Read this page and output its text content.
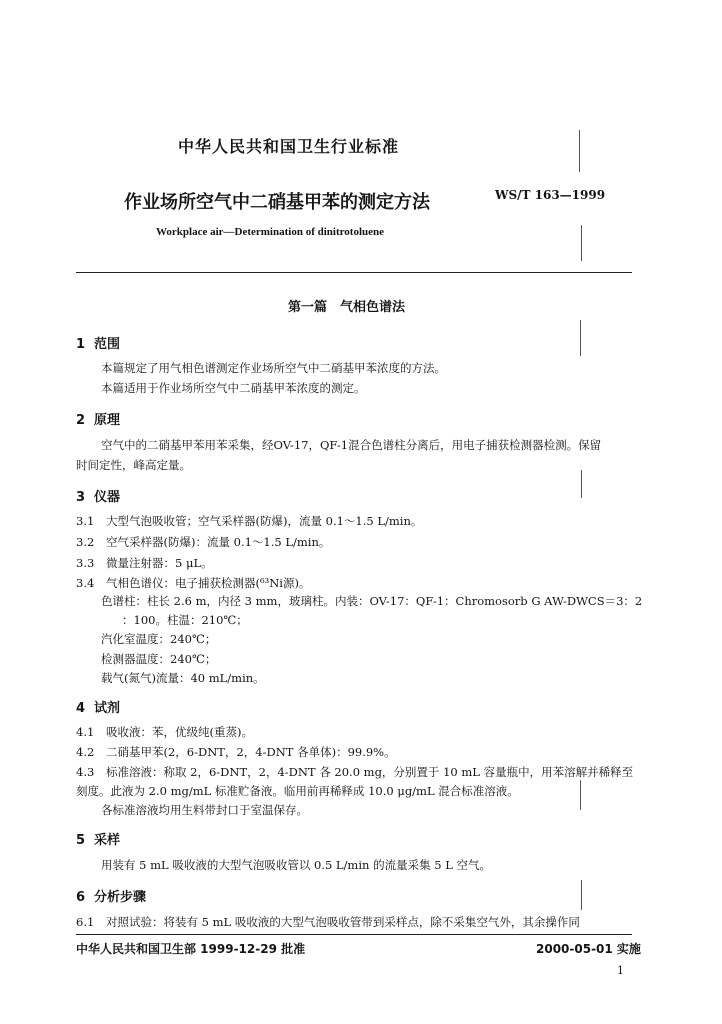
中华人民共和国卫生行业标准
作业场所空气中二硝基甲苯的测定方法	WS/T 163—1999
Workplace air—Determination of dinitrotoluene
第一篇　气相色谱法
1 范围
本篇规定了用气相色谱测定作业场所空气中二硝基甲苯浓度的方法。
本篇适用于作业场所空气中二硝基甲苯浓度的测定。
2 原理
空气中的二硝基甲苯用苯采集，经OV-17，QF-1混合色谱柱分离后，用电子捕获检测器检测。保留
时间定性，峰高定量。
3 仪器
3.1 大型气泡吸收管；空气采样器(防爆)，流量 0.1～1.5 L/min。
3.2 空气采样器(防爆)：流量 0.1～1.5 L/min。
3.3 微量注射器：5 μL。
3.4 气相色谱仪：电子捕获检测器(⁶³Ni源)。
色谱柱：柱长 2.6 m，内径 3 mm，玻璃柱。内装：OV-17：QF-1：Chromosorb G AW-DWCS＝3：2
：100。柱温：210℃；
汽化室温度：240℃；
检测器温度：240℃；
载气(氮气)流量：40 mL/min。
4 试剂
4.1 吸收液：苯，优级纯(重蒸)。
4.2 二硝基甲苯(2，6-DNT，2，4-DNT 各单体)：99.9%。
4.3 标准溶液：称取 2，6-DNT，2，4-DNT 各 20.0 mg，分别置于 10 mL 容量瓶中，用苯溶解并稀释至
刻度。此液为 2.0 mg/mL 标准贮备液。临用前再稀释成 10.0 μg/mL 混合标准溶液。
各标准溶液均用生料带封口于室温保存。
5 采样
用装有 5 mL 吸收液的大型气泡吸收管以 0.5 L/min 的流量采集 5 L 空气。
6 分析步骤
6.1 对照试验：将装有 5 mL 吸收液的大型气泡吸收管带到采样点，除不采集空气外，其余操作同
中华人民共和国卫生部 1999-12-29 批准	2000-05-01 实施
1
